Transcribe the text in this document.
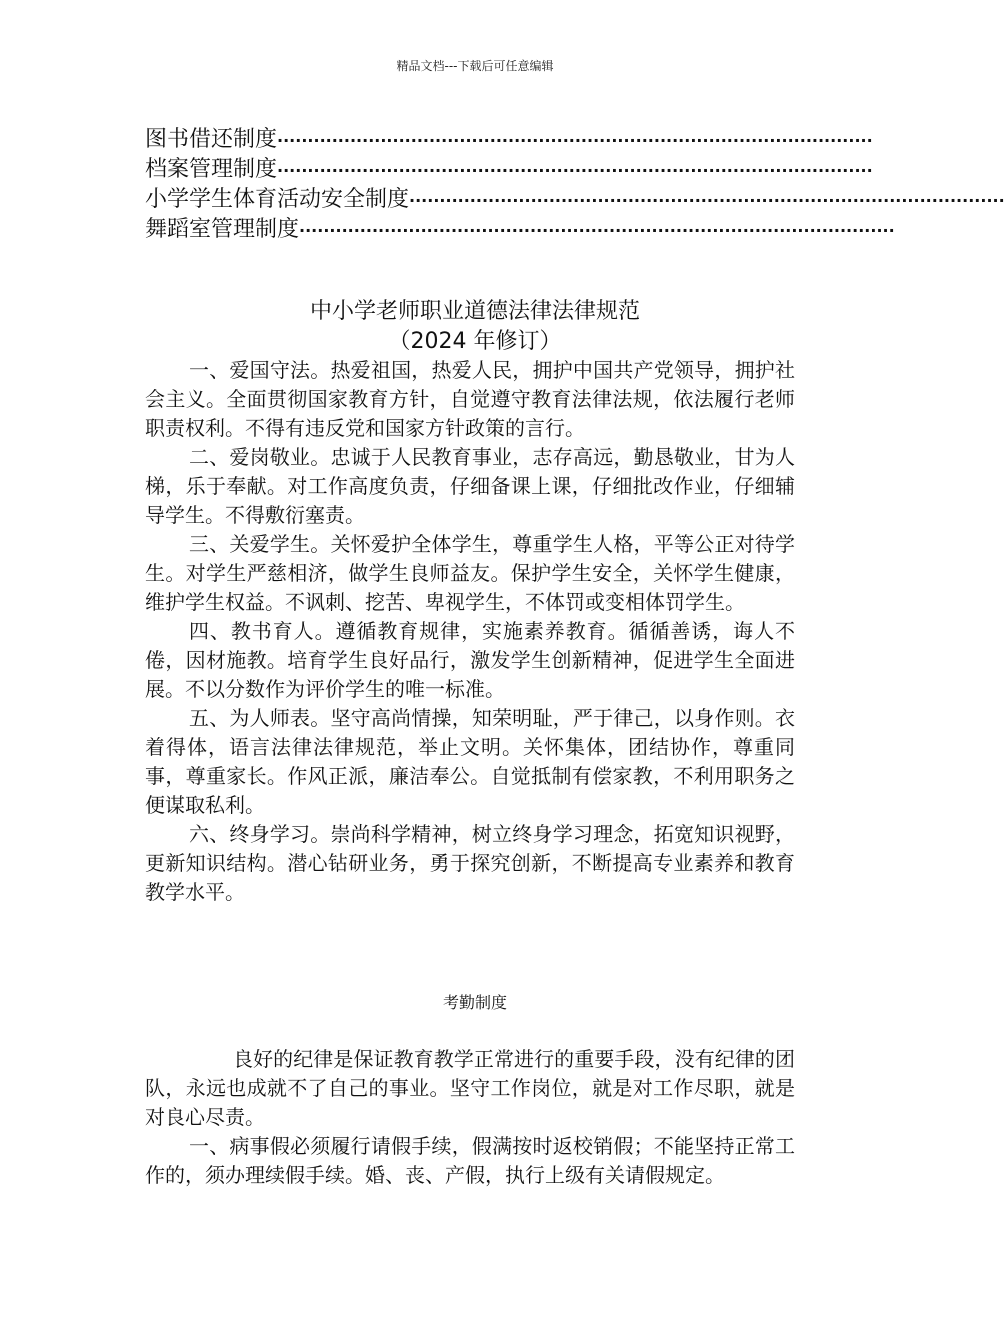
精品文档---下载后可任意编辑
图书借还制度 ··································································································
档案管理制度 ··································································································
小学学生体育活动安全制度 ··································································································
舞蹈室管理制度 ··································································································
中小学老师职业道德法律法律规范
（2024 年修订）

一、爱国守法。热爱祖国，热爱人民，拥护中国共产党领导，拥护社会主义。全面贯彻国家教育方针，自觉遵守教育法律法规，依法履行老师职责权利。不得有违反党和国家方针政策的言行。

二、爱岗敬业。忠诚于人民教育事业，志存高远，勤恳敬业，甘为人梯，乐于奉献。对工作高度负责，仔细备课上课，仔细批改作业，仔细辅导学生。不得敷衍塞责。

三、关爱学生。关怀爱护全体学生，尊重学生人格，平等公正对待学生。对学生严慈相济，做学生良师益友。保护学生安全，关怀学生健康，维护学生权益。不讽刺、挖苦、卑视学生，不体罚或变相体罚学生。

四、教书育人。遵循教育规律，实施素养教育。循循善诱，诲人不倦，因材施教。培育学生良好品行，激发学生创新精神，促进学生全面进展。不以分数作为评价学生的唯一标准。

五、为人师表。坚守高尚情操，知荣明耻，严于律己，以身作则。衣着得体，语言法律法律规范，举止文明。关怀集体，团结协作，尊重同事，尊重家长。作风正派，廉洁奉公。自觉抵制有偿家教，不利用职务之便谋取私利。

六、终身学习。崇尚科学精神，树立终身学习理念，拓宽知识视野，更新知识结构。潜心钻研业务，勇于探究创新，不断提高专业素养和教育教学水平。

考勤制度

良好的纪律是保证教育教学正常进行的重要手段，没有纪律的团队，永远也成就不了自己的事业。坚守工作岗位，就是对工作尽职，就是对良心尽责。

一、病事假必须履行请假手续，假满按时返校销假；不能坚持正常工作的，须办理续假手续。婚、丧、产假，执行上级有关请假规定。
